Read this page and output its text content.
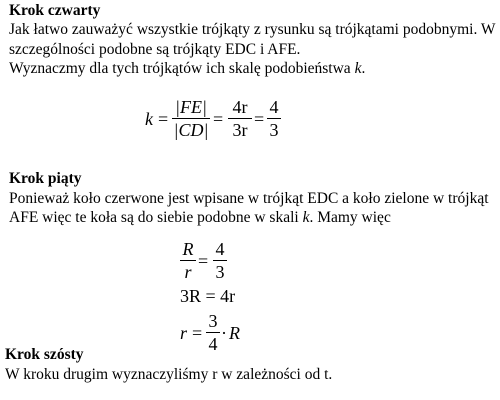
Krok czwarty
Jak łatwo zauważyć wszystkie trójkąty z rysunku są trójkątami podobnymi. W
szczególności podobne są trójkąty EDC i AFE.
Wyznaczmy dla tych trójkątów ich skalę podobieństwa k.
k =
|FE|
|CD|
=
4r
3r
=
4
3
Krok piąty
Ponieważ koło czerwone jest wpisane w trójkąt EDC a koło zielone w trójkąt
AFE więc te koła są do siebie podobne w skali k. Mamy więc
R
r
=
4
3
3R = 4r
r =
3
4
· R
Krok szósty
W kroku drugim wyznaczyliśmy r w zależności od t.
